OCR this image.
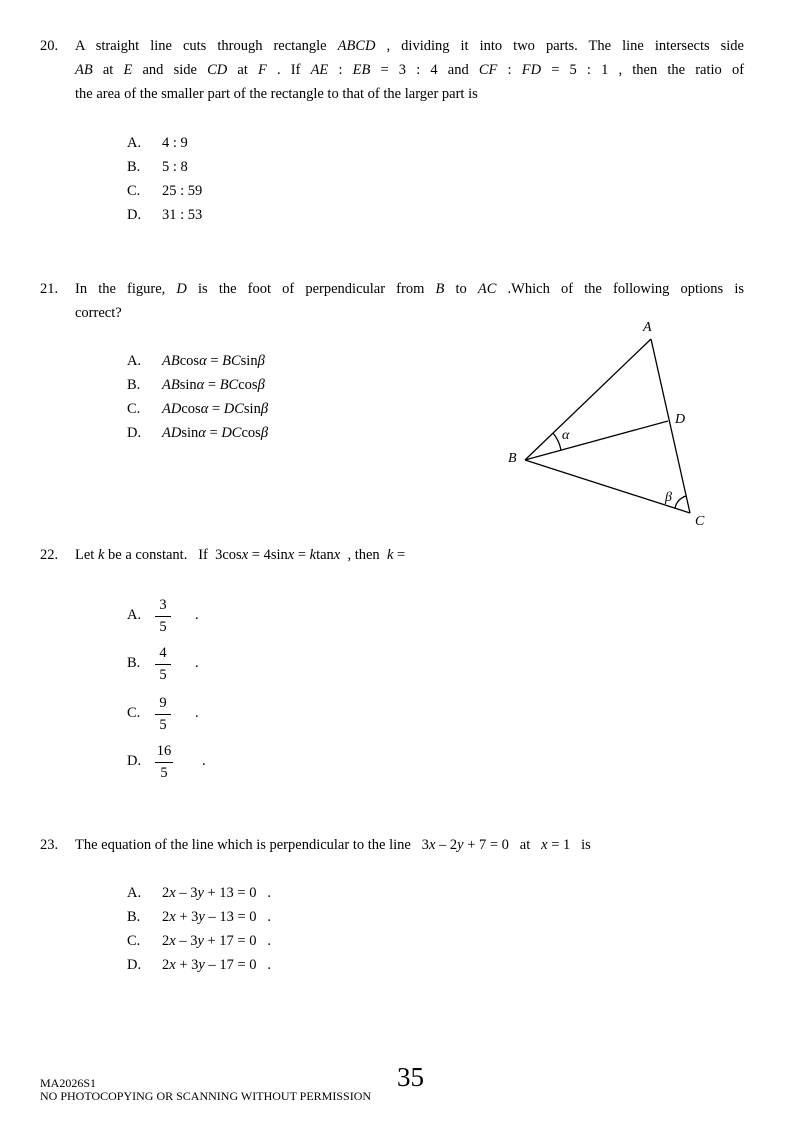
20. A straight line cuts through rectangle ABCD , dividing it into two parts. The line intersects side
AB at E and side CD at F . If AE : EB = 3 : 4 and CF : FD = 5 : 1 , then the ratio of
the area of the smaller part of the rectangle to that of the larger part is
A. 4 : 9
B. 5 : 8
C. 25 : 59
D. 31 : 53
21. In the figure, D is the foot of perpendicular from B to AC .Which of the following options is
correct?
A. ABcosα = BCsinβ
B. ABsinα = BCcosβ
C. ADcosα = DCsinβ
D. ADsinα = DCcosβ
A
D
B
C
α
β
22. Let k be a constant.   If  3cosx = 4sinx = ktanx  , then  k =
A. $\frac{3}{5}$ .
B. $\frac{4}{5}$ .
C. $\frac{9}{5}$ .
D. $\frac{16}{5}$ .
23. The equation of the line which is perpendicular to the line   3x – 2y + 7 = 0   at   x = 1   is
A. 2x – 3y + 13 = 0   .
B. 2x + 3y – 13 = 0   .
C. 2x – 3y + 17 = 0   .
D. 2x + 3y – 17 = 0   .
MA2026S1	35
NO PHOTOCOPYING OR SCANNING WITHOUT PERMISSION
